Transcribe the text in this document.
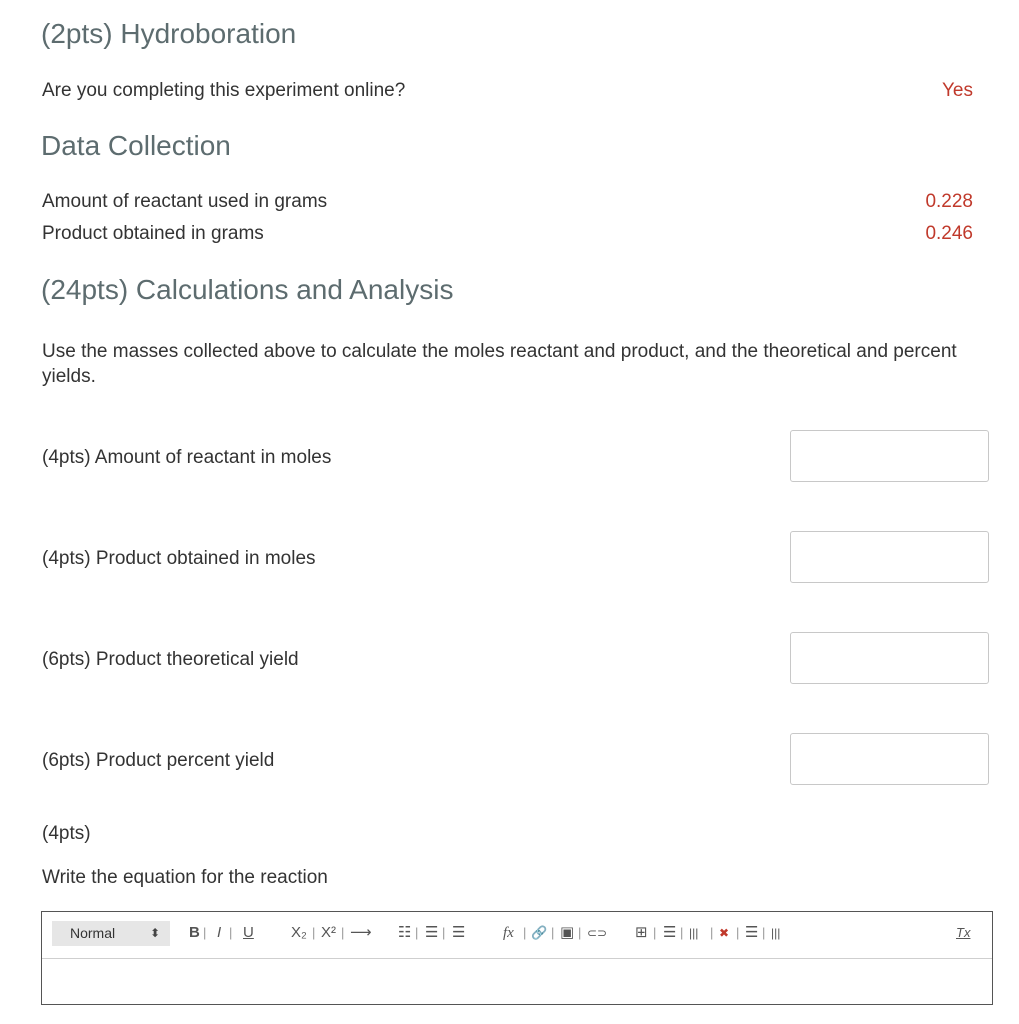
(2pts) Hydroboration
Are you completing this experiment online?	Yes
Data Collection
Amount of reactant used in grams	0.228
Product obtained in grams	0.246
(24pts) Calculations and Analysis
Use the masses collected above to calculate the moles reactant and product, and the theoretical and percent yields.
(4pts) Amount of reactant in moles
(4pts) Product obtained in moles
(6pts) Product theoretical yield
(6pts) Product percent yield
(4pts)
Write the equation for the reaction
Normal	⬍ B | I | U X₂ | X² | ⟶ ☷ | ☰ | ☰	fx | 🔗 | ▣ | ⊂⊃ ⊞ | ☰ | ||| | ✖ | ☰ | |||	Tx
